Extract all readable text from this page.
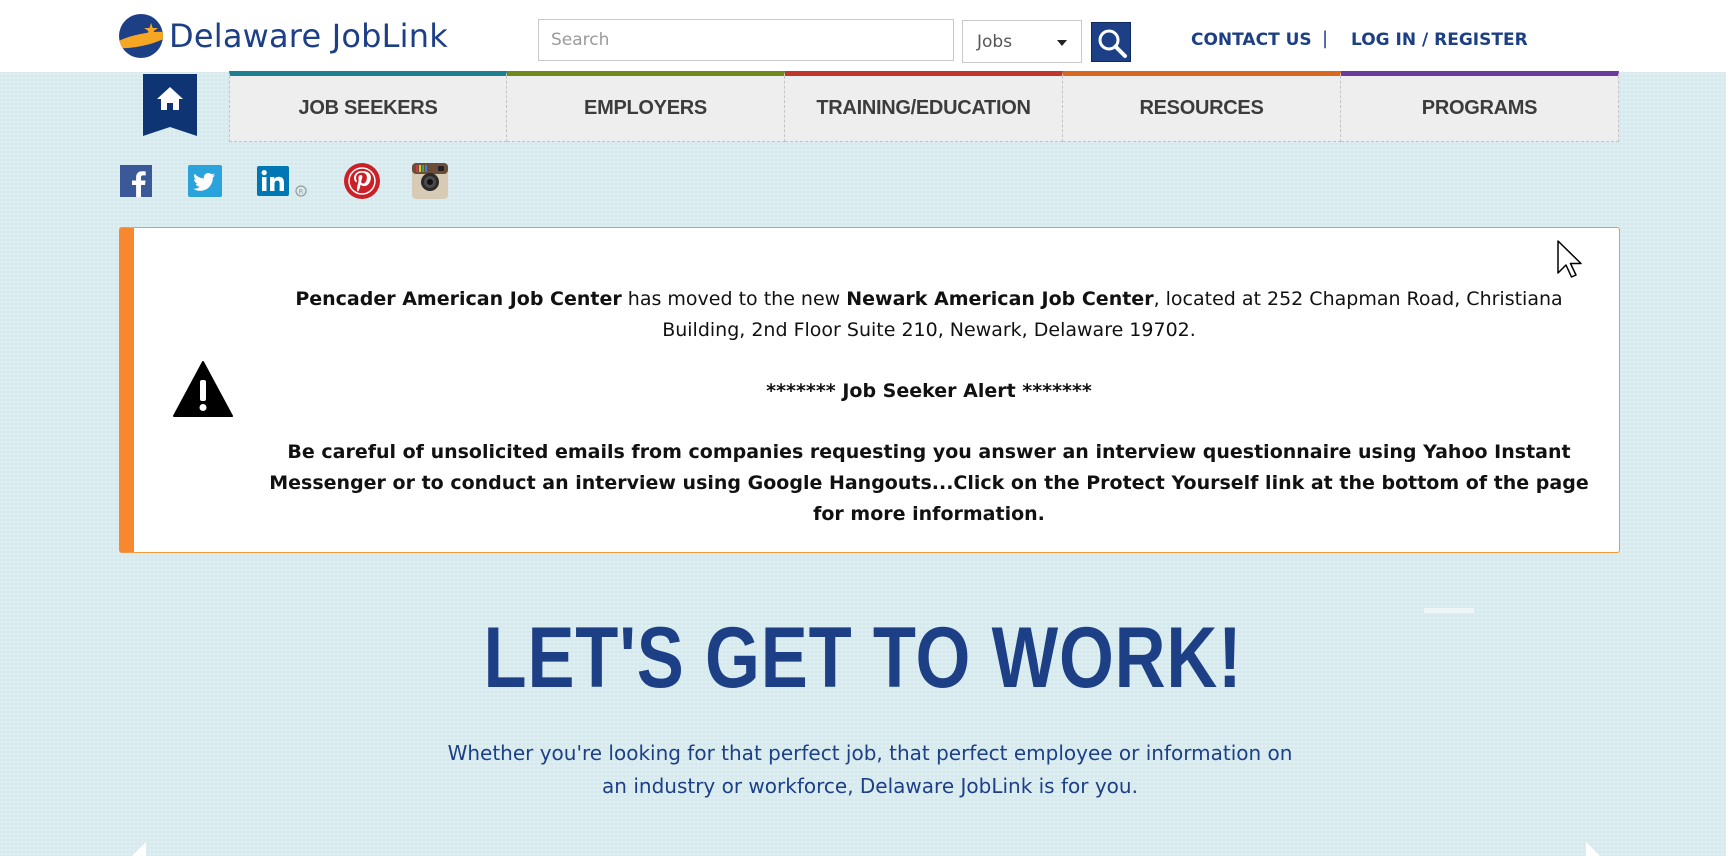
★ Delaware JobLink
Search	Jobs	CONTACT US | LOG IN / REGISTER
JOB SEEKERS	EMPLOYERS	TRAINING/EDUCATION	RESOURCES	PROGRAMS
R

Pencader American Job Center has moved to the new Newark American Job Center, located at 252 Chapman Road, Christiana Building, 2nd Floor Suite 210, Newark, Delaware 19702.

******* Job Seeker Alert *******

Be careful of unsolicited emails from companies requesting you answer an interview questionnaire using Yahoo Instant Messenger or to conduct an interview using Google Hangouts...Click on the Protect Yourself link at the bottom of the page for more information.

LET'S GET TO WORK!
Whether you're looking for that perfect job, that perfect employee or information on an industry or workforce, Delaware JobLink is for you.
